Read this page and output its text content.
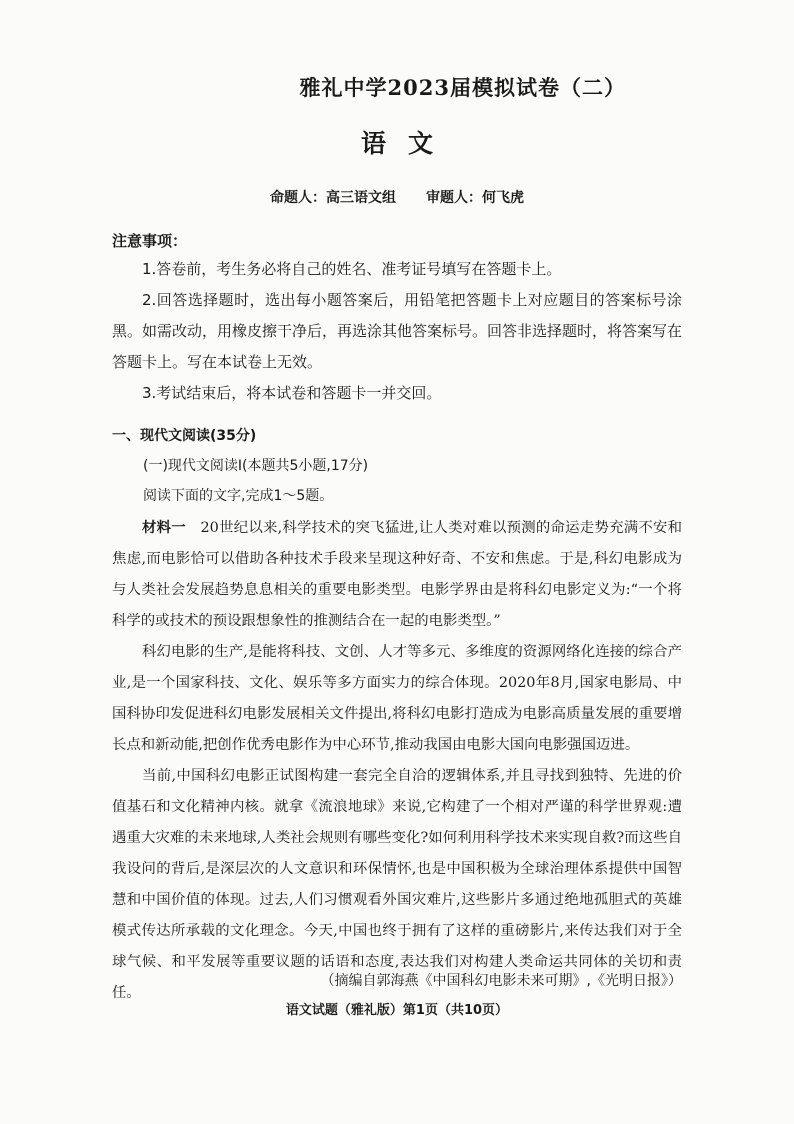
雅礼中学2023届模拟试卷（二）
语文
命题人：高三语文组 审题人：何飞虎
注意事项：
1.答卷前，考生务必将自己的姓名、准考证号填写在答题卡上。
2.回答选择题时，选出每小题答案后，用铅笔把答题卡上对应题目的答案标号涂黑。如需改动，用橡皮擦干净后，再选涂其他答案标号。回答非选择题时，将答案写在答题卡上。写在本试卷上无效。
3.考试结束后，将本试卷和答题卡一并交回。
一、现代文阅读(35分)
(一)现代文阅读Ⅰ(本题共5小题,17分)
阅读下面的文字,完成1～5题。
材料一　 20世纪以来,科学技术的突飞猛进,让人类对难以预测的命运走势充满不安和焦虑,而电影恰可以借助各种技术手段来呈现这种好奇、不安和焦虑。于是,科幻电影成为与人类社会发展趋势息息相关的重要电影类型。电影学界由是将科幻电影定义为:“一个将科学的或技术的预设跟想象性的推测结合在一起的电影类型。”
科幻电影的生产,是能将科技、文创、人才等多元、多维度的资源网络化连接的综合产业,是一个国家科技、文化、娱乐等多方面实力的综合体现。2020年8月,国家电影局、中国科协印发促进科幻电影发展相关文件提出,将科幻电影打造成为电影高质量发展的重要增长点和新动能,把创作优秀电影作为中心环节,推动我国由电影大国向电影强国迈进。
当前,中国科幻电影正试图构建一套完全自洽的逻辑体系,并且寻找到独特、先进的价值基石和文化精神内核。就拿《流浪地球》来说,它构建了一个相对严谨的科学世界观:遭遇重大灾难的未来地球,人类社会规则有哪些变化?如何利用科学技术来实现自救?而这些自我设问的背后,是深层次的人文意识和环保情怀,也是中国积极为全球治理体系提供中国智慧和中国价值的体现。过去,人们习惯观看外国灾难片,这些影片多通过绝地孤胆式的英雄模式传达所承载的文化理念。今天,中国也终于拥有了这样的重磅影片,来传达我们对于全球气候、和平发展等重要议题的话语和态度,表达我们对构建人类命运共同体的关切和责任。
（摘编自郭海燕《中国科幻电影未来可期》,《光明日报》）
语文试题（雅礼版）第1页（共10页）
